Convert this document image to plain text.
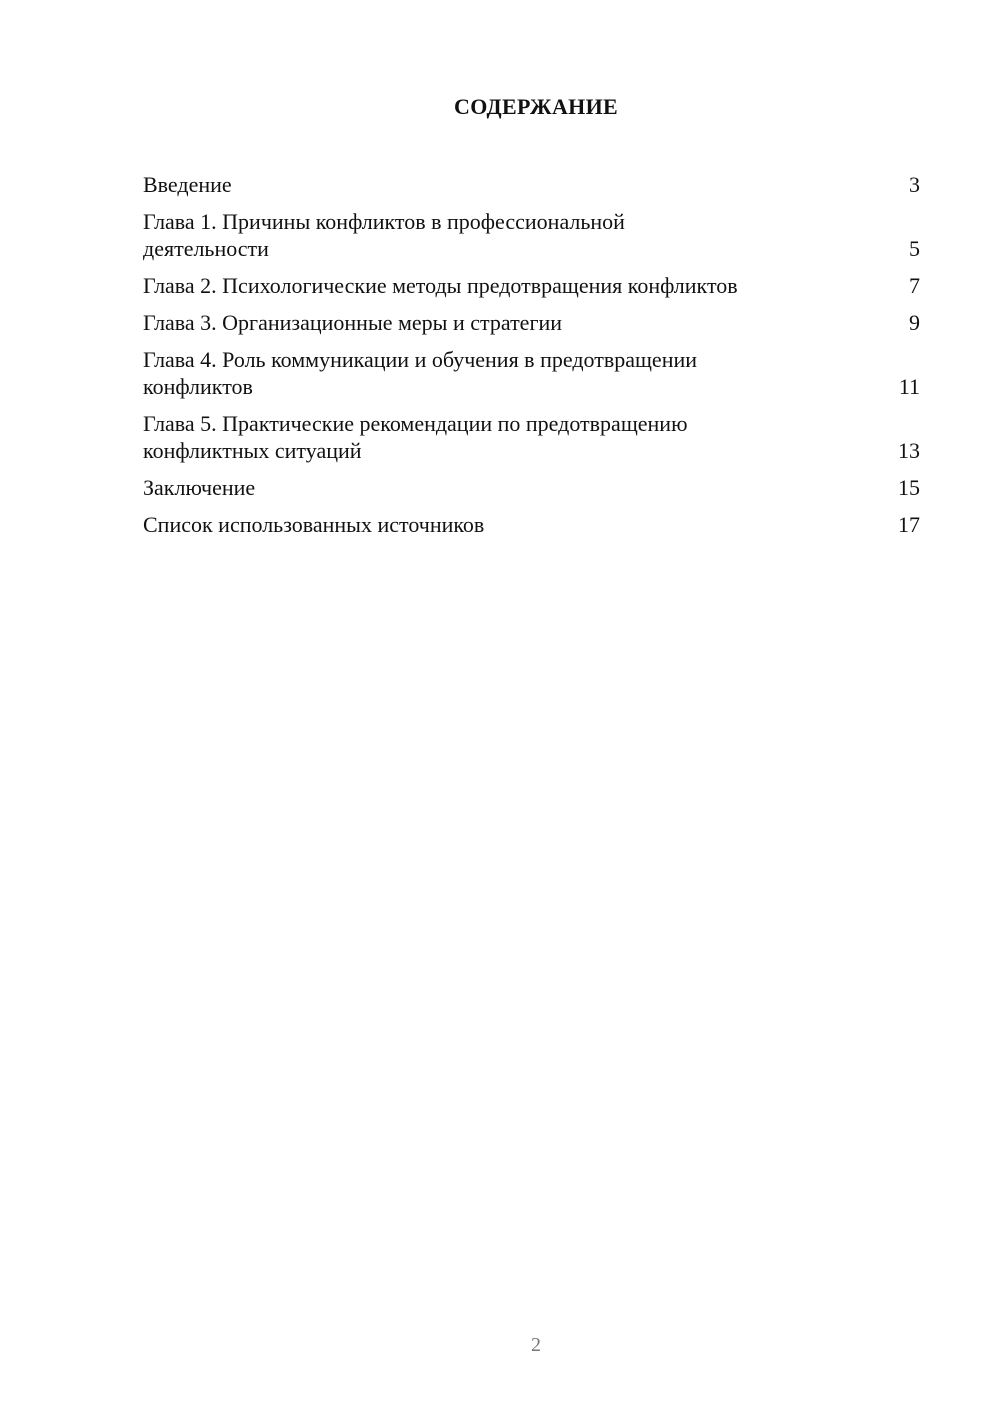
СОДЕРЖАНИЕ
Введение	3
Глава 1. Причины конфликтов в профессиональной деятельности	5
Глава 2. Психологические методы предотвращения конфликтов	7
Глава 3. Организационные меры и стратегии	9
Глава 4. Роль коммуникации и обучения в предотвращении конфликтов	11
Глава 5. Практические рекомендации по предотвращению конфликтных ситуаций	13
Заключение	15
Список использованных источников	17
2
